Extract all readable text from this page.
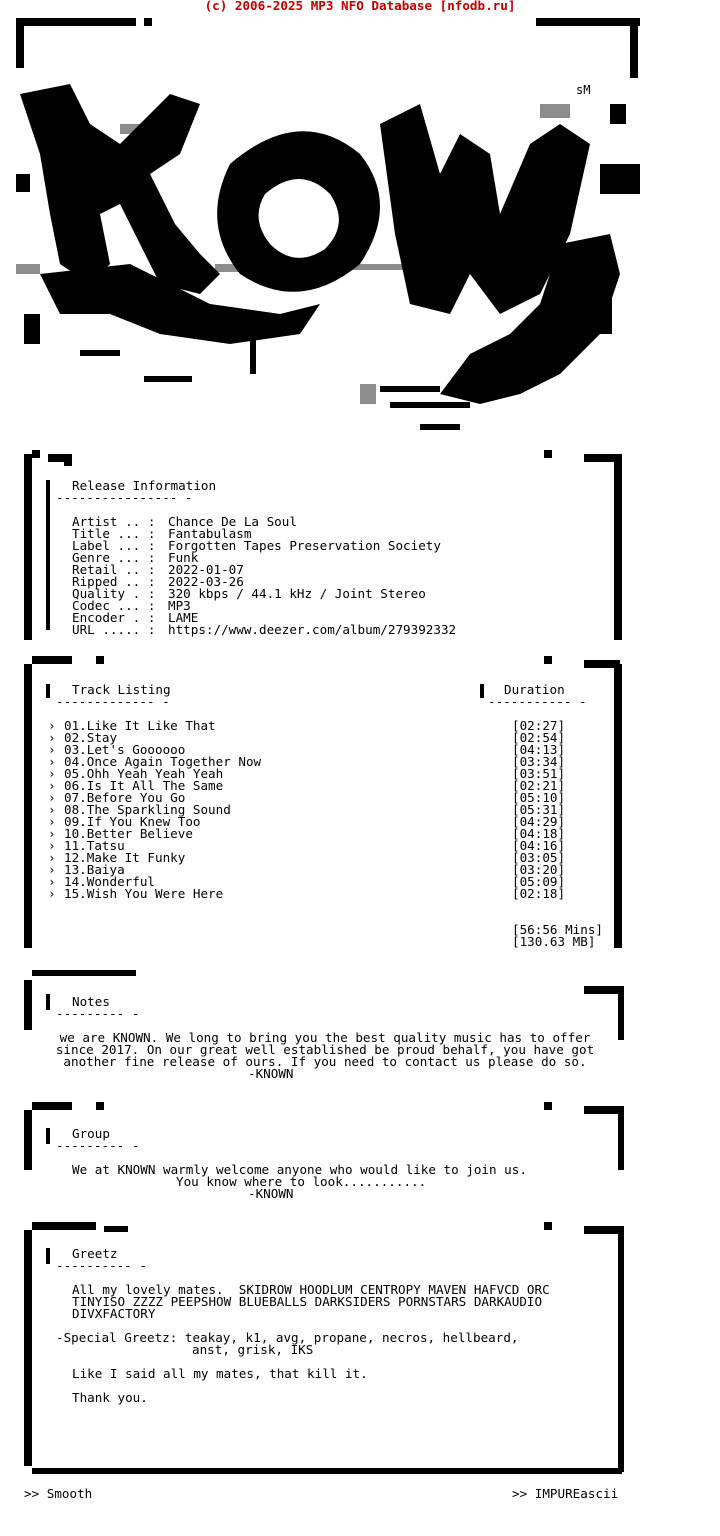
(c) 2006-2025 MP3 NFO Database [nfodb.ru]
sM
Release Information
---------------- -
Artist .. : Chance De La Soul
Title ... : Fantabulasm
Label ... : Forgotten Tapes Preservation Society
Genre ... : Funk
Retail .. : 2022-01-07
Ripped .. : 2022-03-26
Quality . : 320 kbps / 44.1 kHz / Joint Stereo
Codec ... : MP3
Encoder . : LAME
URL ..... : https://www.deezer.com/album/279392332
Track Listing
------------- -
Duration
----------- -
› 01.Like It Like That	[02:27]
› 02.Stay	[02:54]
› 03.Let's Goooooo	[04:13]
› 04.Once Again Together Now	[03:34]
› 05.Ohh Yeah Yeah Yeah	[03:51]
› 06.Is It All The Same	[02:21]
› 07.Before You Go	[05:10]
› 08.The Sparkling Sound	[05:31]
› 09.If You Knew Too	[04:29]
› 10.Better Believe	[04:18]
› 11.Tatsu	[04:16]
› 12.Make It Funky	[03:05]
› 13.Baiya	[03:20]
› 14.Wonderful	[05:09]
› 15.Wish You Were Here	[02:18]
[56:56 Mins]
[130.63 MB]
Notes
--------- -
we are KNOWN. We long to bring you the best quality music has to offer
since 2017. On our great well established be proud behalf, you have got
another fine release of ours. If you need to contact us please do so.
-KNOWN
Group
--------- -
We at KNOWN warmly welcome anyone who would like to join us.
You know where to look...........
-KNOWN
Greetz
---------- -
All my lovely mates.  SKIDROW HOODLUM CENTROPY MAVEN HAFVCD ORC
TINYISO ZZZZ PEEPSHOW BLUEBALLS DARKSIDERS PORNSTARS DARKAUDIO
DIVXFACTORY
-Special Greetz: teakay, k1, avg, propane, necros, hellbeard,
anst, grisk, IKS
Like I said all my mates, that kill it.
Thank you.
>> Smooth	>> IMPUREascii
